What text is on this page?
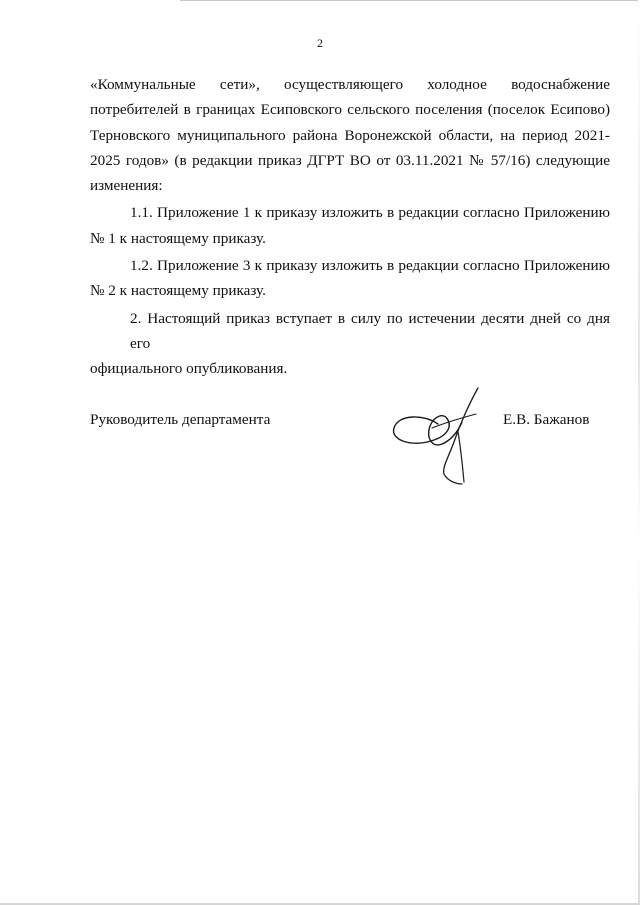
2

«Коммунальные сети», осуществляющего холодное водоснабжение
потребителей в границах Есиповского сельского поселения (поселок Есипово)
Терновского муниципального района Воронежской области, на период 2021-
2025 годов» (в редакции приказ ДГРТ ВО от 03.11.2021 № 57/16) следующие
изменения:

1.1. Приложение 1 к приказу изложить в редакции согласно Приложению
№ 1 к настоящему приказу.

1.2. Приложение 3 к приказу изложить в редакции согласно Приложению
№ 2 к настоящему приказу.

2. Настоящий приказ вступает в силу по истечении десяти дней со дня его
официального опубликования.

Руководитель департамента	Е.В. Бажанов
